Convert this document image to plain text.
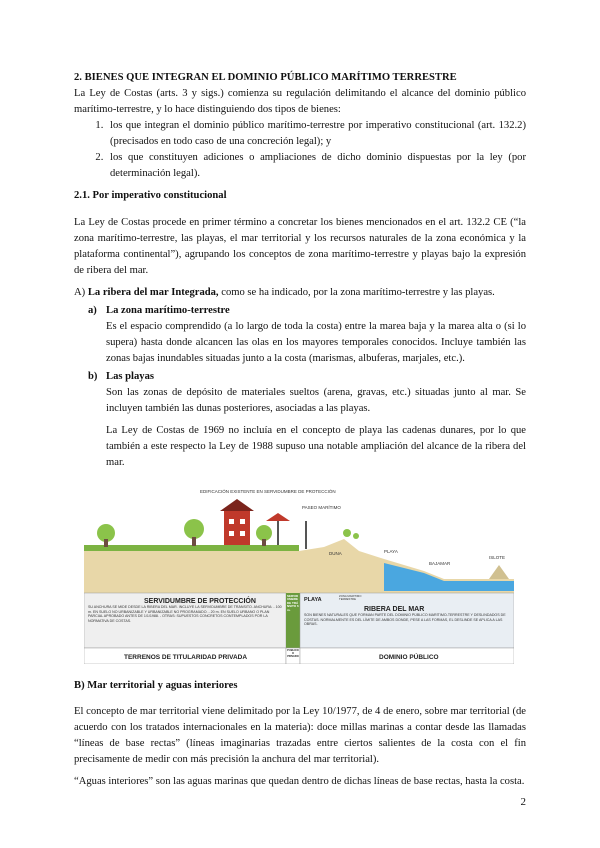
2. BIENES QUE INTEGRAN EL DOMINIO PÚBLICO MARÍTIMO TERRESTRE

La Ley de Costas (arts. 3 y sigs.) comienza su regulación delimitando el alcance del dominio público marítimo-terrestre, y lo hace distinguiendo dos tipos de bienes:

1. los que integran el dominio público marítimo-terrestre por imperativo constitucional (art. 132.2) (precisados en todo caso de una concreción legal); y
2. los que constituyen adiciones o ampliaciones de dicho dominio dispuestas por la ley (por determinación legal).

2.1. Por imperativo constitucional

La Ley de Costas procede en primer término a concretar los bienes mencionados en el art. 132.2 CE (“la zona marítimo-terrestre, las playas, el mar territorial y los recursos naturales de la zona económica y la plataforma continental”), agrupando los conceptos de zona marítimo-terrestre y playas bajo la expresión de ribera del mar.

A) La ribera del mar Integrada, como se ha indicado, por la zona marítimo-terrestre y las playas.

a) La zona marítimo-terrestre

Es el espacio comprendido (a lo largo de toda la costa) entre la marea baja y la marea alta o (si lo supera) hasta donde alcancen las olas en los mayores temporales conocidos. Incluye también las zonas bajas inundables situadas junto a la costa (marismas, albuferas, marjales, etc.).

b) Las playas

Son las zonas de depósito de materiales sueltos (arena, gravas, etc.) situadas junto al mar. Se incluyen también las dunas posteriores, asociadas a las playas.

La Ley de Costas de 1969 no incluía en el concepto de playa las cadenas dunares, por lo que también a este respecto la Ley de 1988 supuso una notable ampliación del alcance de la ribera del mar.

EDIFICACIÓN EXISTENTE EN SERVIDUMBRE DE PROTECCIÓN
PASEO MARÍTIMO
DUNA	PLAYA
BAJAMAR
ISLOTE
SERVIDUMBRE DE PROTECCIÓN
SU ANCHURA SE MIDE DESDE LA RIBERA DEL MAR. INCLUYE LA SERVIDUMBRE DE TRÁNSITO. ANCHURA: - 100 m. EN SUELO NO URBANIZABLE Y URBANIZABLE NO PROGRAMADO. - 20 m. EN SUELO URBANO O PLAN PARCIAL APROBADO ANTES DE 1/1/1988. - OTRAS: SUPUESTOS CONCRETOS CONTEMPLADOS POR LA NORMATIVA DE COSTAS.
SERVIDUMBRE DE TRÁNSITO 6 m.
PLAYA
ZONA MARÍTIMO TERRESTRE
RIBERA DEL MAR
SON BIENES NATURALES QUE FORMAN PARTE DEL DOMINIO PÚBLICO MARÍTIMO-TERRESTRE Y DESLINDADOS DE COSTAS. NORMALMENTE ES DEL LÍMITE DE AMBOS DONDE, PESE A LAS FORMAS, EL DESLINDE SE APLICA A LAS OBRAS.
TERRENOS DE TITULARIDAD PRIVADA
PÚBLICO O PRIVADO	DOMINIO PÚBLICO

B) Mar territorial y aguas interiores

El concepto de mar territorial viene delimitado por la Ley 10/1977, de 4 de enero, sobre mar territorial (de acuerdo con los tratados internacionales en la materia): doce millas marinas a contar desde las llamadas “líneas de base rectas” (líneas imaginarias trazadas entre ciertos salientes de la costa con el fin precisamente de medir con más precisión la anchura del mar territorial).

“Aguas interiores” son las aguas marinas que quedan dentro de dichas líneas de base rectas, hasta la costa.

2
